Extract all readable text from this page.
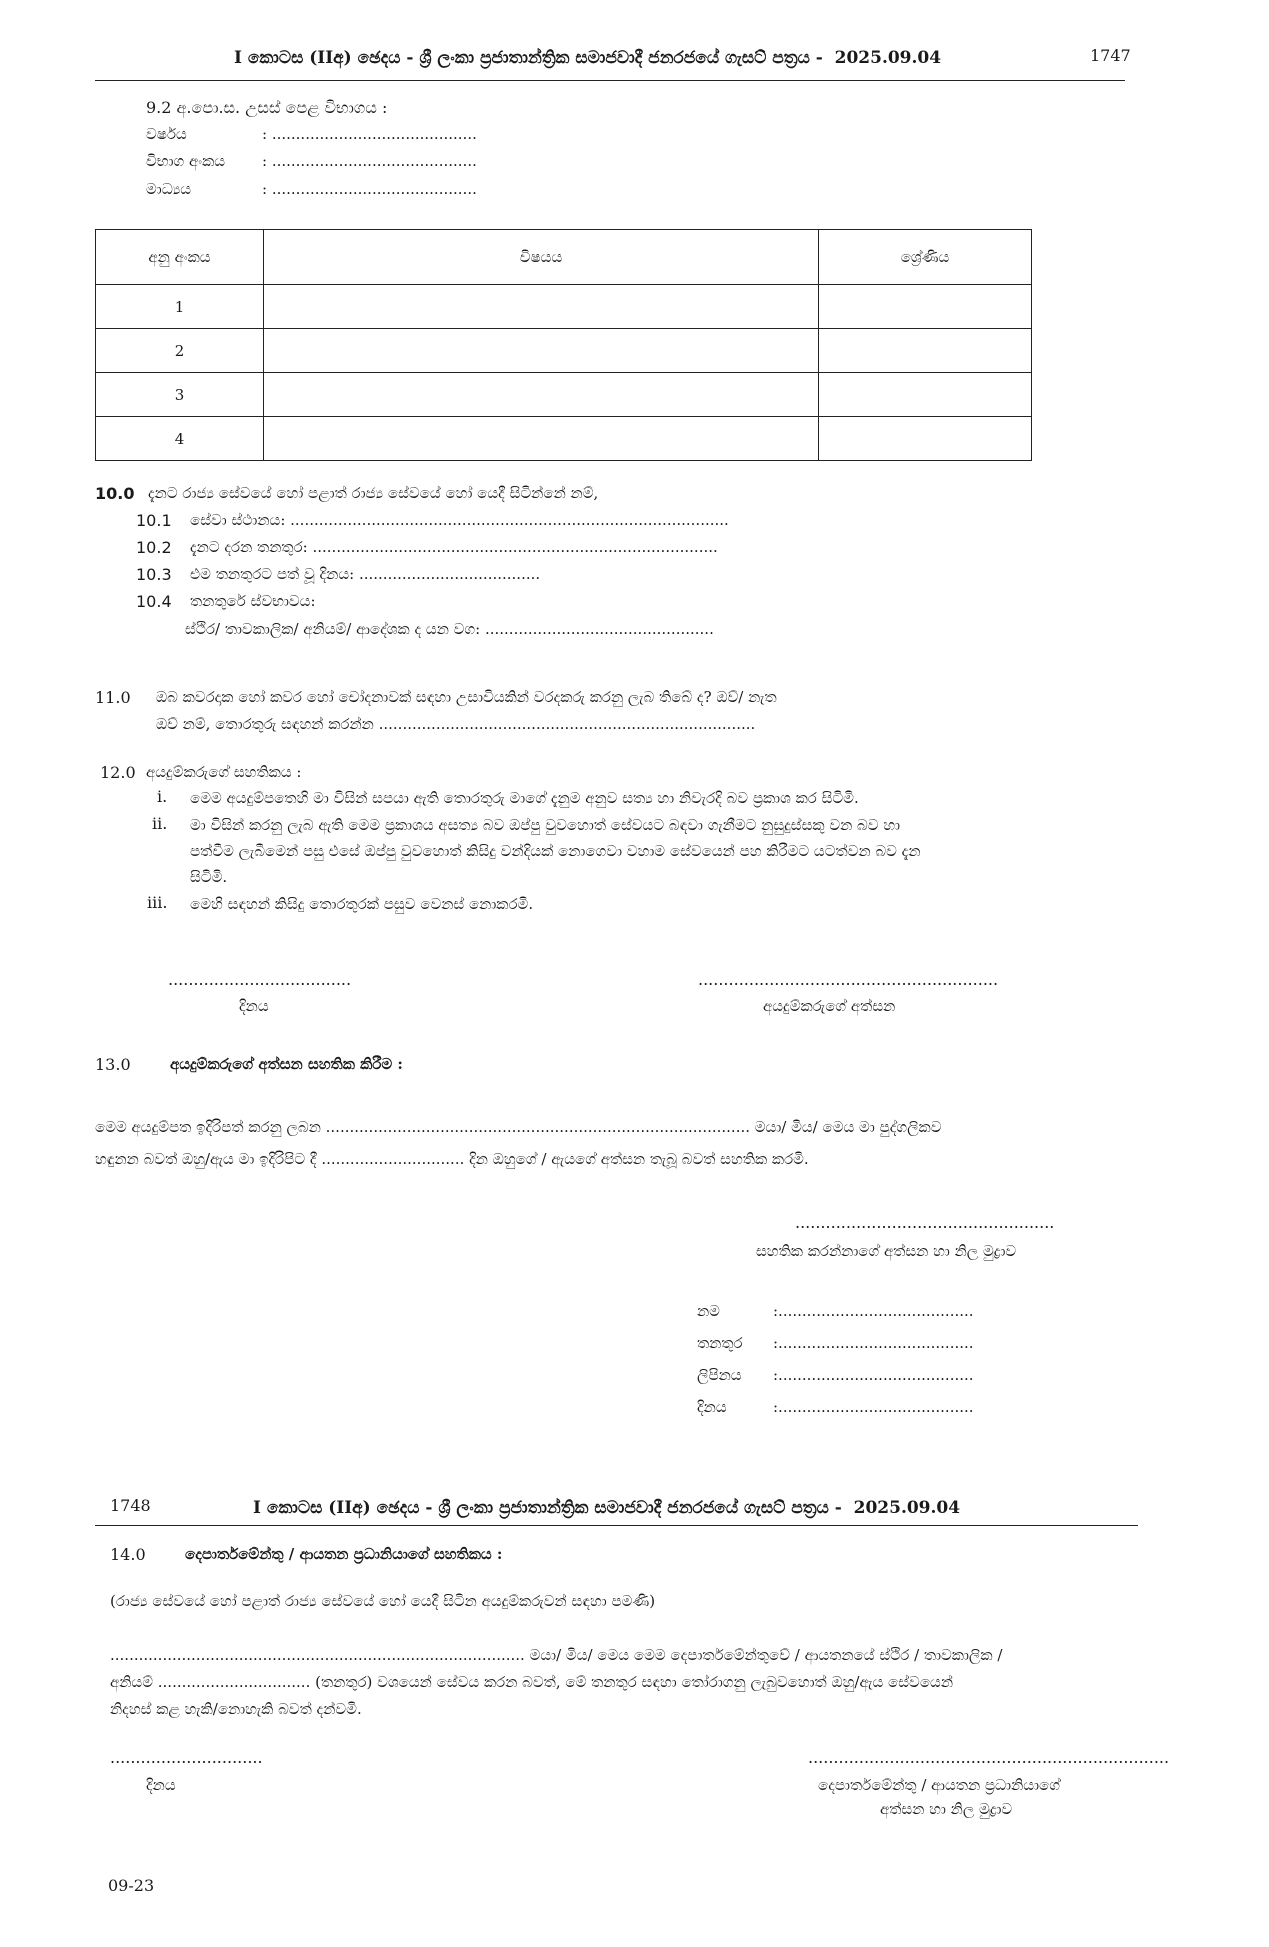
I කොටස (IIඅ) ඡෙදය - ශ්‍රී ලංකා ප්‍රජාතාන්ත්‍රික සමාජවාදී ජනරජයේ ගැසට් පත්‍රය - 2025.09.04	1747
9.2 අ.පො.ස. උසස් පෙළ විභාගය :
වර්ෂය	: ...........................................
විභාග අංකය : ...........................................
මාධ්‍යය	: ...........................................
අනු අංකය	විෂයය	ශ්‍රේණිය
1		
2		
3		
4		
10.0 දැනට රාජ්‍ය සේවයේ හෝ පළාත් රාජ්‍ය සේවයේ හෝ යෙදී සිටින්නේ නම්,
10.1 සේවා ස්ථානය: ............................................................................................
10.2 දැනට දරන තනතුර: .....................................................................................
10.3 එම තනතුරට පත් වූ දිනය: ......................................
10.4 තනතුරේ ස්වභාවය:
ස්ථිර/ තාවකාලික/ අනියම්/ ආදේශක ද යන වග: ................................................
11.0 ඔබ කවරදාක හෝ කවර හෝ චෝදනාවක් සඳහා උසාවියකින් වරදකරු කරනු ලැබ තිබේ ද? ඔව්/ නැත
ඔව් නම්, තොරතුරු සඳහන් කරන්න ...............................................................................
12.0 අයදුම්කරුගේ සහතිකය :
i. මෙම අයදුම්පතෙහි මා විසින් සපයා ඇති තොරතුරු මාගේ දැනුම අනුව සත්‍ය හා නිවැරදි බව ප්‍රකාශ කර සිටිමි.
ii. මා විසින් කරනු ලැබ ඇති මෙම ප්‍රකාශය අසත්‍ය බව ඔප්පු වුවහොත් සේවයට බඳවා ගැනීමට නුසුදුස්සකු වන බව හා
පත්වීම ලැබීමෙන් පසු එසේ ඔප්පු වුවහොත් කිසිදු වන්දියක් නොගෙවා වහාම සේවයෙන් පහ කිරීමට යටත්වන බව දැන
සිටිමි.
iii. මෙහි සඳහන් කිසිදු තොරතුරක් පසුව වෙනස් නොකරමි.
....................................
දිනය
...........................................................
අයදුම්කරුගේ අත්සන
13.0	අයදුම්කරුගේ අත්සන සහතික කිරීම :
මෙම අයදුම්පත ඉදිරිපත් කරනු ලබන ......................................................................................... මයා/ මිය/ මෙය මා පුද්ගලිකව
හඳුනන බවත් ඔහු/ඇය මා ඉදිරිපිට දී .............................. දින ඔහුගේ / ඇයගේ අත්සන තැබූ බවත් සහතික කරමි.
...................................................
සහතික කරන්නාගේ අත්සන හා නිල මුද්‍රාව
නම	:.........................................
තනතුර :.........................................
ලිපිනය :.........................................
දිනය	:.........................................
1748	I කොටස (IIඅ) ඡෙදය - ශ්‍රී ලංකා ප්‍රජාතාන්ත්‍රික සමාජවාදී ජනරජයේ ගැසට් පත්‍රය - 2025.09.04
14.0	දෙපාර්තමේන්තු / ආයතන ප්‍රධානියාගේ සහතිකය :
(රාජ්‍ය සේවයේ හෝ පළාත් රාජ්‍ය සේවයේ හෝ යෙදී සිටින අයදුම්කරුවන් සඳහා පමණි)
....................................................................................... මයා/ මිය/ මෙය මෙම දෙපාර්තමේන්තුවේ / ආයතනයේ ස්ථිර / තාවකාලික /
අනියම් ................................ (තනතුර) වශයෙන් සේවය කරන බවත්, මේ තනතුර සඳහා තෝරාගනු ලැබුවහොත් ඔහු/ඇය සේවයෙන්
නිදහස් කළ හැකි/නොහැකි බවත් දන්වමි.
..............................
දිනය
.......................................................................
දෙපාර්තමේන්තු / ආයතන ප්‍රධානියාගේ
අත්සන හා නිල මුද්‍රාව
09-23
